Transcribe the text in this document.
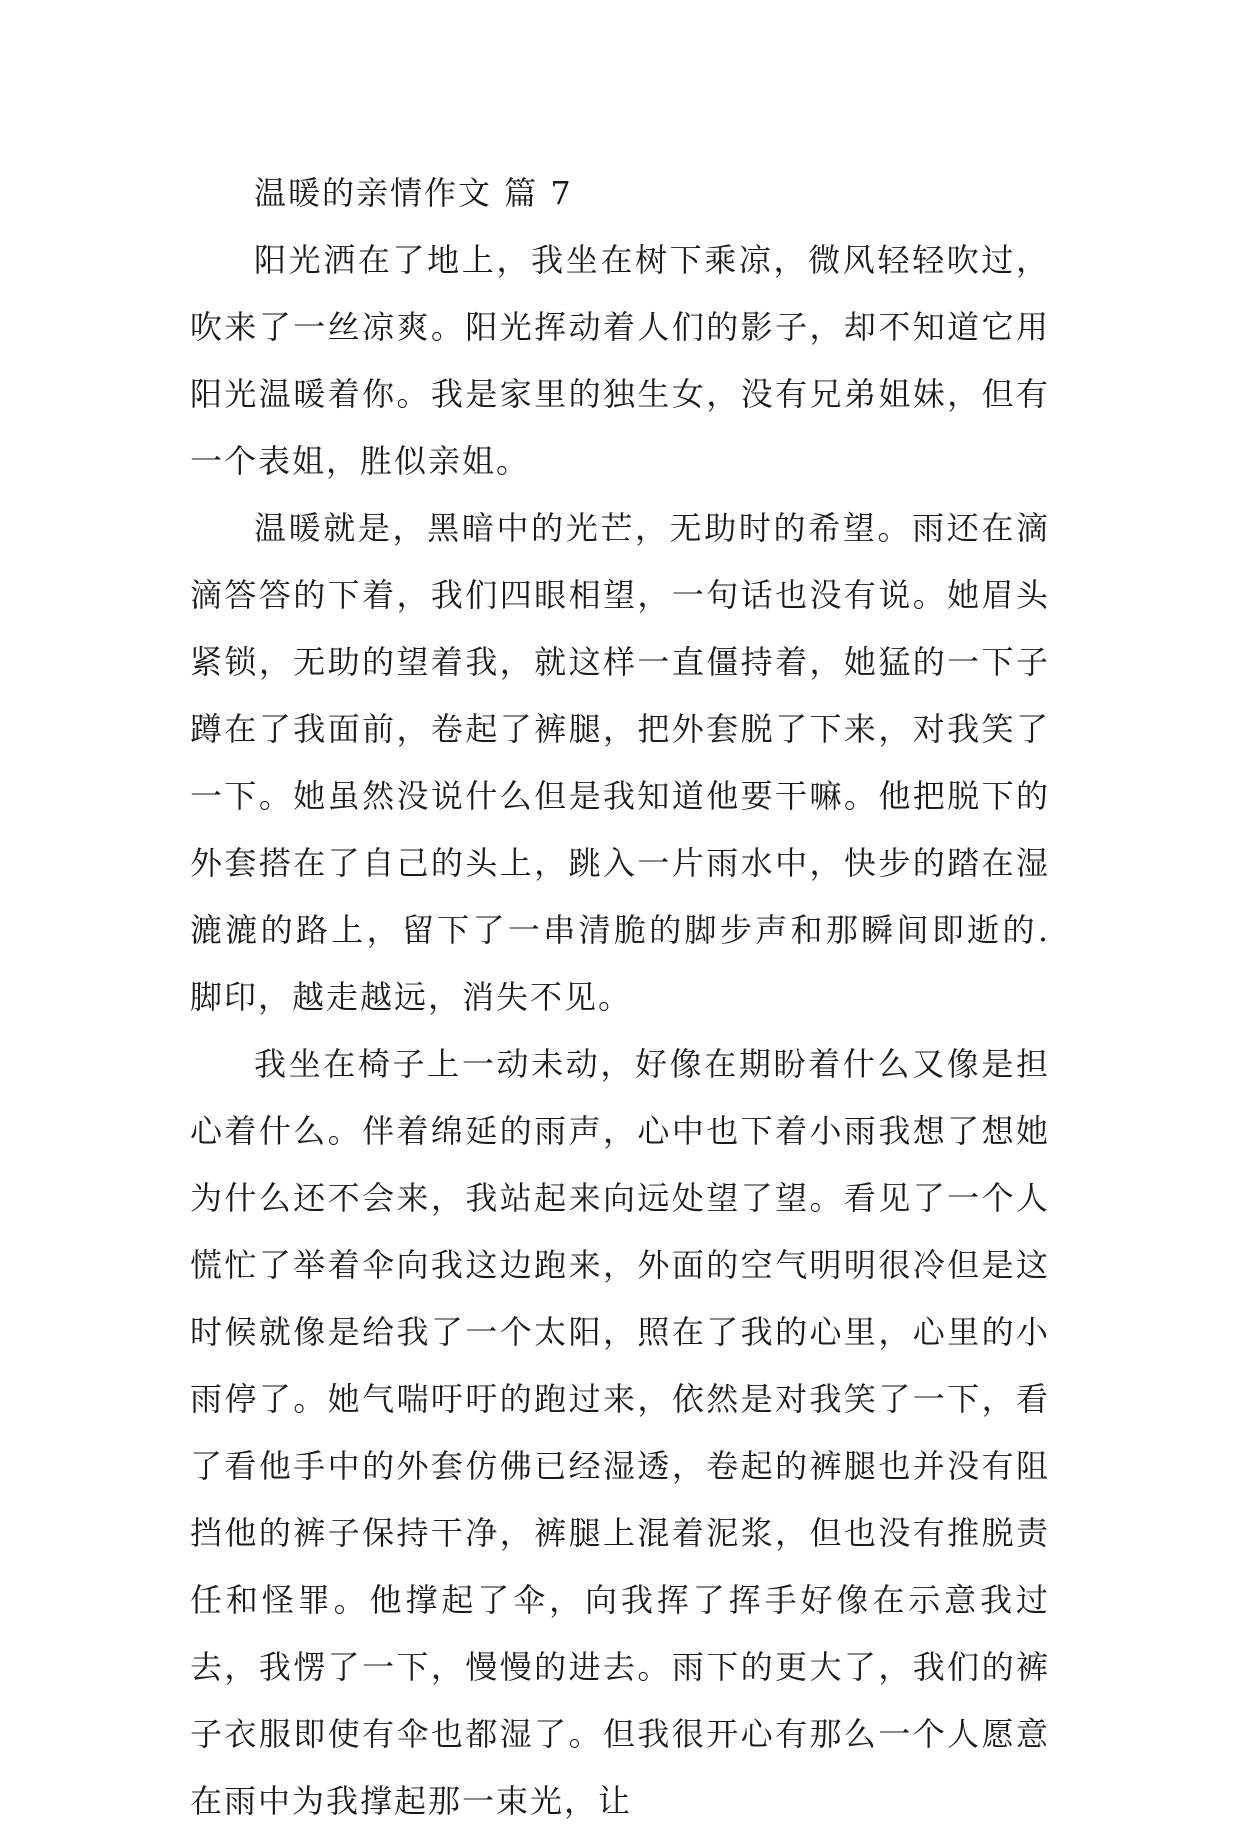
温暖的亲情作文 篇 7

阳光洒在了地上，我坐在树下乘凉，微风轻轻吹过，吹来了一丝凉爽。阳光挥动着人们的影子，却不知道它用阳光温暖着你。我是家里的独生女，没有兄弟姐妹，但有一个表姐，胜似亲姐。

温暖就是，黑暗中的光芒，无助时的希望。雨还在滴滴答答的下着，我们四眼相望，一句话也没有说。她眉头紧锁，无助的望着我，就这样一直僵持着，她猛的一下子蹲在了我面前，卷起了裤腿，把外套脱了下来，对我笑了一下。她虽然没说什么但是我知道他要干嘛。他把脱下的外套搭在了自己的头上，跳入一片雨水中，快步的踏在湿漉漉的路上，留下了一串清脆的脚步声和那瞬间即逝的.脚印，越走越远，消失不见。

我坐在椅子上一动未动，好像在期盼着什么又像是担心着什么。伴着绵延的雨声，心中也下着小雨我想了想她为什么还不会来，我站起来向远处望了望。看见了一个人慌忙了举着伞向我这边跑来，外面的空气明明很冷但是这时候就像是给我了一个太阳，照在了我的心里，心里的小雨停了。她气喘吁吁的跑过来，依然是对我笑了一下，看了看他手中的外套仿佛已经湿透，卷起的裤腿也并没有阻挡他的裤子保持干净，裤腿上混着泥浆，但也没有推脱责任和怪罪。他撑起了伞，向我挥了挥手好像在示意我过去，我愣了一下，慢慢的进去。雨下的更大了，我们的裤子衣服即使有伞也都湿了。但我很开心有那么一个人愿意在雨中为我撑起那一束光，让
